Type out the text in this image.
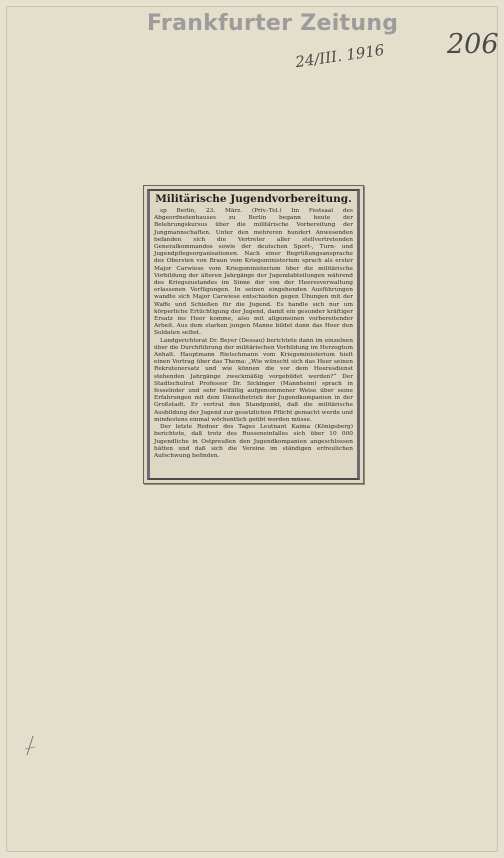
Frankfurter Zeitung
24/III. 1916 206
Militärische Jugendvorbereitung.

sp Berlin, 23. März. (Priv.-Tel.) Im Festsaal des Abgeordnetenhauses zu Berlin begann heute der Belehrungskursus über die militärische Vorbereitung der Jungmannschaften. Unter den mehreren hundert Anwesenden befanden sich die Vertreter aller stellvertretenden Generalkommandos sowie der deutschen Sport-, Turn- und Jugendpflegeorganisationen. Nach einer Begrüßungsansprache des Obersten von Braun vom Kriegsministerium sprach als erster Major Carwiese vom Kriegsministerium über die militärische Vorbildung der älteren Jahrgänge der Jugendabteilungen während des Kriegszustandes im Sinne der von der Heeresverwaltung erlassenen Verfügungen. In seinen eingehenden Ausführungen wandte sich Major Carwiese entschieden gegen Übungen mit der Waffe und Schießen für die Jugend. Es handle sich nur um körperliche Ertüchtigung der Jugend, damit ein gesunder kräftiger Ersatz ins Heer komme, also mit allgemeinen vorbereitender Arbeit. Aus dem starken jungen Manne bildet dann das Heer den Soldaten selbst.

Landgerichtsrat Dr. Beyer (Dessau) berichtete dann im einzelnen über die Durchführung der militärischen Vorbildung im Herzogtum Anhalt. Hauptmann Rietschmann vom Kriegsministerium hielt einen Vortrag über das Thema: „Wie wünscht sich das Heer seinen Rekrutenersatz und wie können die vor dem Heeresdienst stehenden Jahrgänge zweckmäßig vorgebildet werden?“ Der Stadtschulrat Professor Dr. Sickinger (Mannheim) sprach in fesselnder und sehr beifällig aufgenommener Weise über seine Erfahrungen mit dem Dienstbetrieb der Jugendkompanien in der Großstadt. Er vertrat den Standpunkt, daß die militärische Ausbildung der Jugend zur gesetzlichen Pflicht gemacht werde und mindestens einmal wöchentlich geübt werden müsse.

Der letzte Redner des Tages Leutnant Kaima (Königsberg) berichtete, daß trotz des Russeneinfalles sich über 10 000 Jugendliche in Ostpreußen den Jugendkompanien angeschlossen hätten und daß sich die Vereine im ständigen erfreulichen Aufschwung befinden.
